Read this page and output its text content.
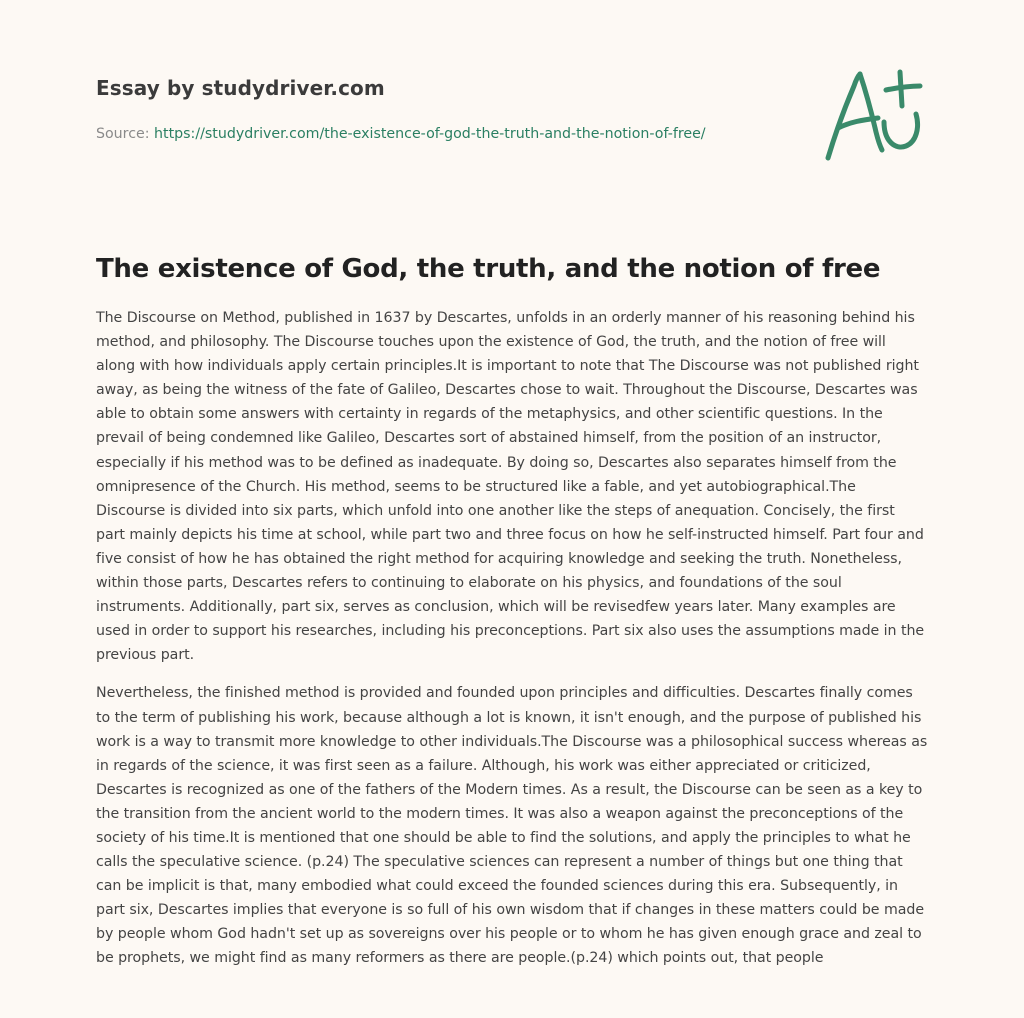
Essay by studydriver.com
Source: https://studydriver.com/the-existence-of-god-the-truth-and-the-notion-of-free/
The existence of God, the truth, and the notion of free

The Discourse on Method, published in 1637 by Descartes, unfolds in an orderly manner of his reasoning behind his method, and philosophy. The Discourse touches upon the existence of God, the truth, and the notion of free will along with how individuals apply certain principles.It is important to note that The Discourse was not published right away, as being the witness of the fate of Galileo, Descartes chose to wait. Throughout the Discourse, Descartes was able to obtain some answers with certainty in regards of the metaphysics, and other scientific questions. In the prevail of being condemned like Galileo, Descartes sort of abstained himself, from the position of an instructor, especially if his method was to be defined as inadequate. By doing so, Descartes also separates himself from the omnipresence of the Church. His method, seems to be structured like a fable, and yet autobiographical.The Discourse is divided into six parts, which unfold into one another like the steps of anequation. Concisely, the first part mainly depicts his time at school, while part two and three focus on how he self-instructed himself. Part four and five consist of how he has obtained the right method for acquiring knowledge and seeking the truth. Nonetheless, within those parts, Descartes refers to continuing to elaborate on his physics, and foundations of the soul instruments. Additionally, part six, serves as conclusion, which will be revisedfew years later. Many examples are used in order to support his researches, including his preconceptions. Part six also uses the assumptions made in the previous part.

Nevertheless, the finished method is provided and founded upon principles and difficulties. Descartes finally comes to the term of publishing his work, because although a lot is known, it isn't enough, and the purpose of published his work is a way to transmit more knowledge to other individuals.The Discourse was a philosophical success whereas as in regards of the science, it was first seen as a failure. Although, his work was either appreciated or criticized, Descartes is recognized as one of the fathers of the Modern times. As a result, the Discourse can be seen as a key to the transition from the ancient world to the modern times. It was also a weapon against the preconceptions of the society of his time.It is mentioned that one should be able to find the solutions, and apply the principles to what he calls the speculative science. (p.24) The speculative sciences can represent a number of things but one thing that can be implicit is that, many embodied what could exceed the founded sciences during this era. Subsequently, in part six, Descartes implies that everyone is so full of his own wisdom that if changes in these matters could be made by people whom God hadn't set up as sovereigns over his people or to whom he has given enough grace and zeal to be prophets, we might find as many reformers as there are people.(p.24) which points out, that people
